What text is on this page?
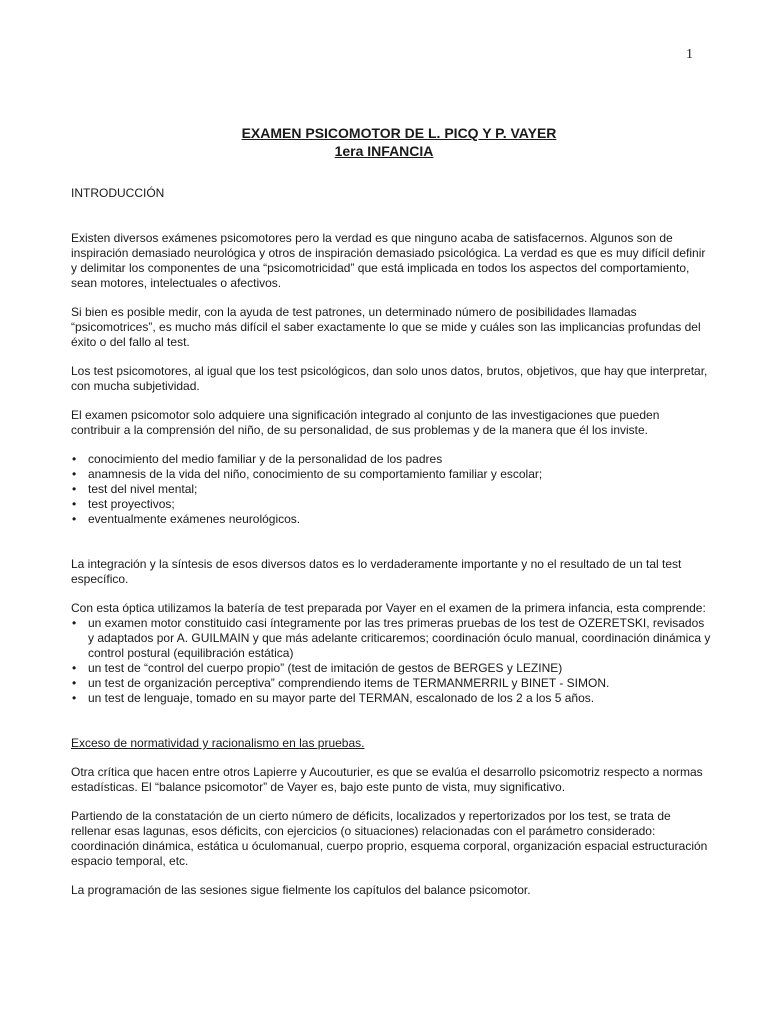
1
EXAMEN PSICOMOTOR DE L. PICQ Y P. VAYER
1era INFANCIA
INTRODUCCIÓN

Existen diversos exámenes psicomotores pero la verdad es que ninguno acaba de satisfacernos. Algunos son de inspiración demasiado neurológica y otros de inspiración demasiado psicológica. La verdad es que es muy difícil definir y delimitar los componentes de una “psicomotricidad” que está implicada en todos los aspectos del comportamiento, sean motores, intelectuales o afectivos.

Si bien es posible medir, con la ayuda de test patrones, un determinado número de posibilidades llamadas “psicomotrices”, es mucho más difícil el saber exactamente lo que se mide y cuáles son las implicancias profundas del éxito o del fallo al test.

Los test psicomotores, al igual que los test psicológicos, dan solo unos datos, brutos, objetivos, que hay que interpretar, con mucha subjetividad.

El examen psicomotor solo adquiere una significación integrado al conjunto de las investigaciones que pueden contribuir a la comprensión del niño, de su personalidad, de sus problemas y de la manera que él los inviste.

• conocimiento del medio familiar y de la personalidad de los padres
• anamnesis de la vida del niño, conocimiento de su comportamiento familiar y escolar;
• test del nivel mental;
• test proyectivos;
• eventualmente exámenes neurológicos.

La integración y la síntesis de esos diversos datos es lo verdaderamente importante y no el resultado de un tal test específico.

Con esta óptica utilizamos la batería de test preparada por Vayer en el examen de la primera infancia, esta comprende:

• un examen motor constituido casi íntegramente por las tres primeras pruebas de los test de OZERETSKI, revisados y adaptados por A. GUILMAIN y que más adelante criticaremos; coordinación óculo manual, coordinación dinámica y control postural (equilibración estática)
• un test de “control del cuerpo propio” (test de imitación de gestos de BERGES y LEZINE)
• un test de organización perceptiva” comprendiendo items de TERMANMERRIL y BINET - SIMON.
• un test de lenguaje, tomado en su mayor parte del TERMAN, escalonado de los 2 a los 5 años.
Exceso de normatividad y racionalismo en las pruebas.

Otra crítica que hacen entre otros Lapierre y Aucouturier, es que se evalúa el desarrollo psicomotriz respecto a normas estadísticas. El “balance psicomotor” de Vayer es, bajo este punto de vista, muy significativo.

Partiendo de la constatación de un cierto número de déficits, localizados y repertorizados por los test, se trata de rellenar esas lagunas, esos déficits, con ejercicios (o situaciones) relacionadas con el parámetro considerado: coordinación dinámica, estática u óculomanual, cuerpo proprio, esquema corporal, organización espacial estructuración espacio temporal, etc.

La programación de las sesiones sigue fielmente los capítulos del balance psicomotor.
